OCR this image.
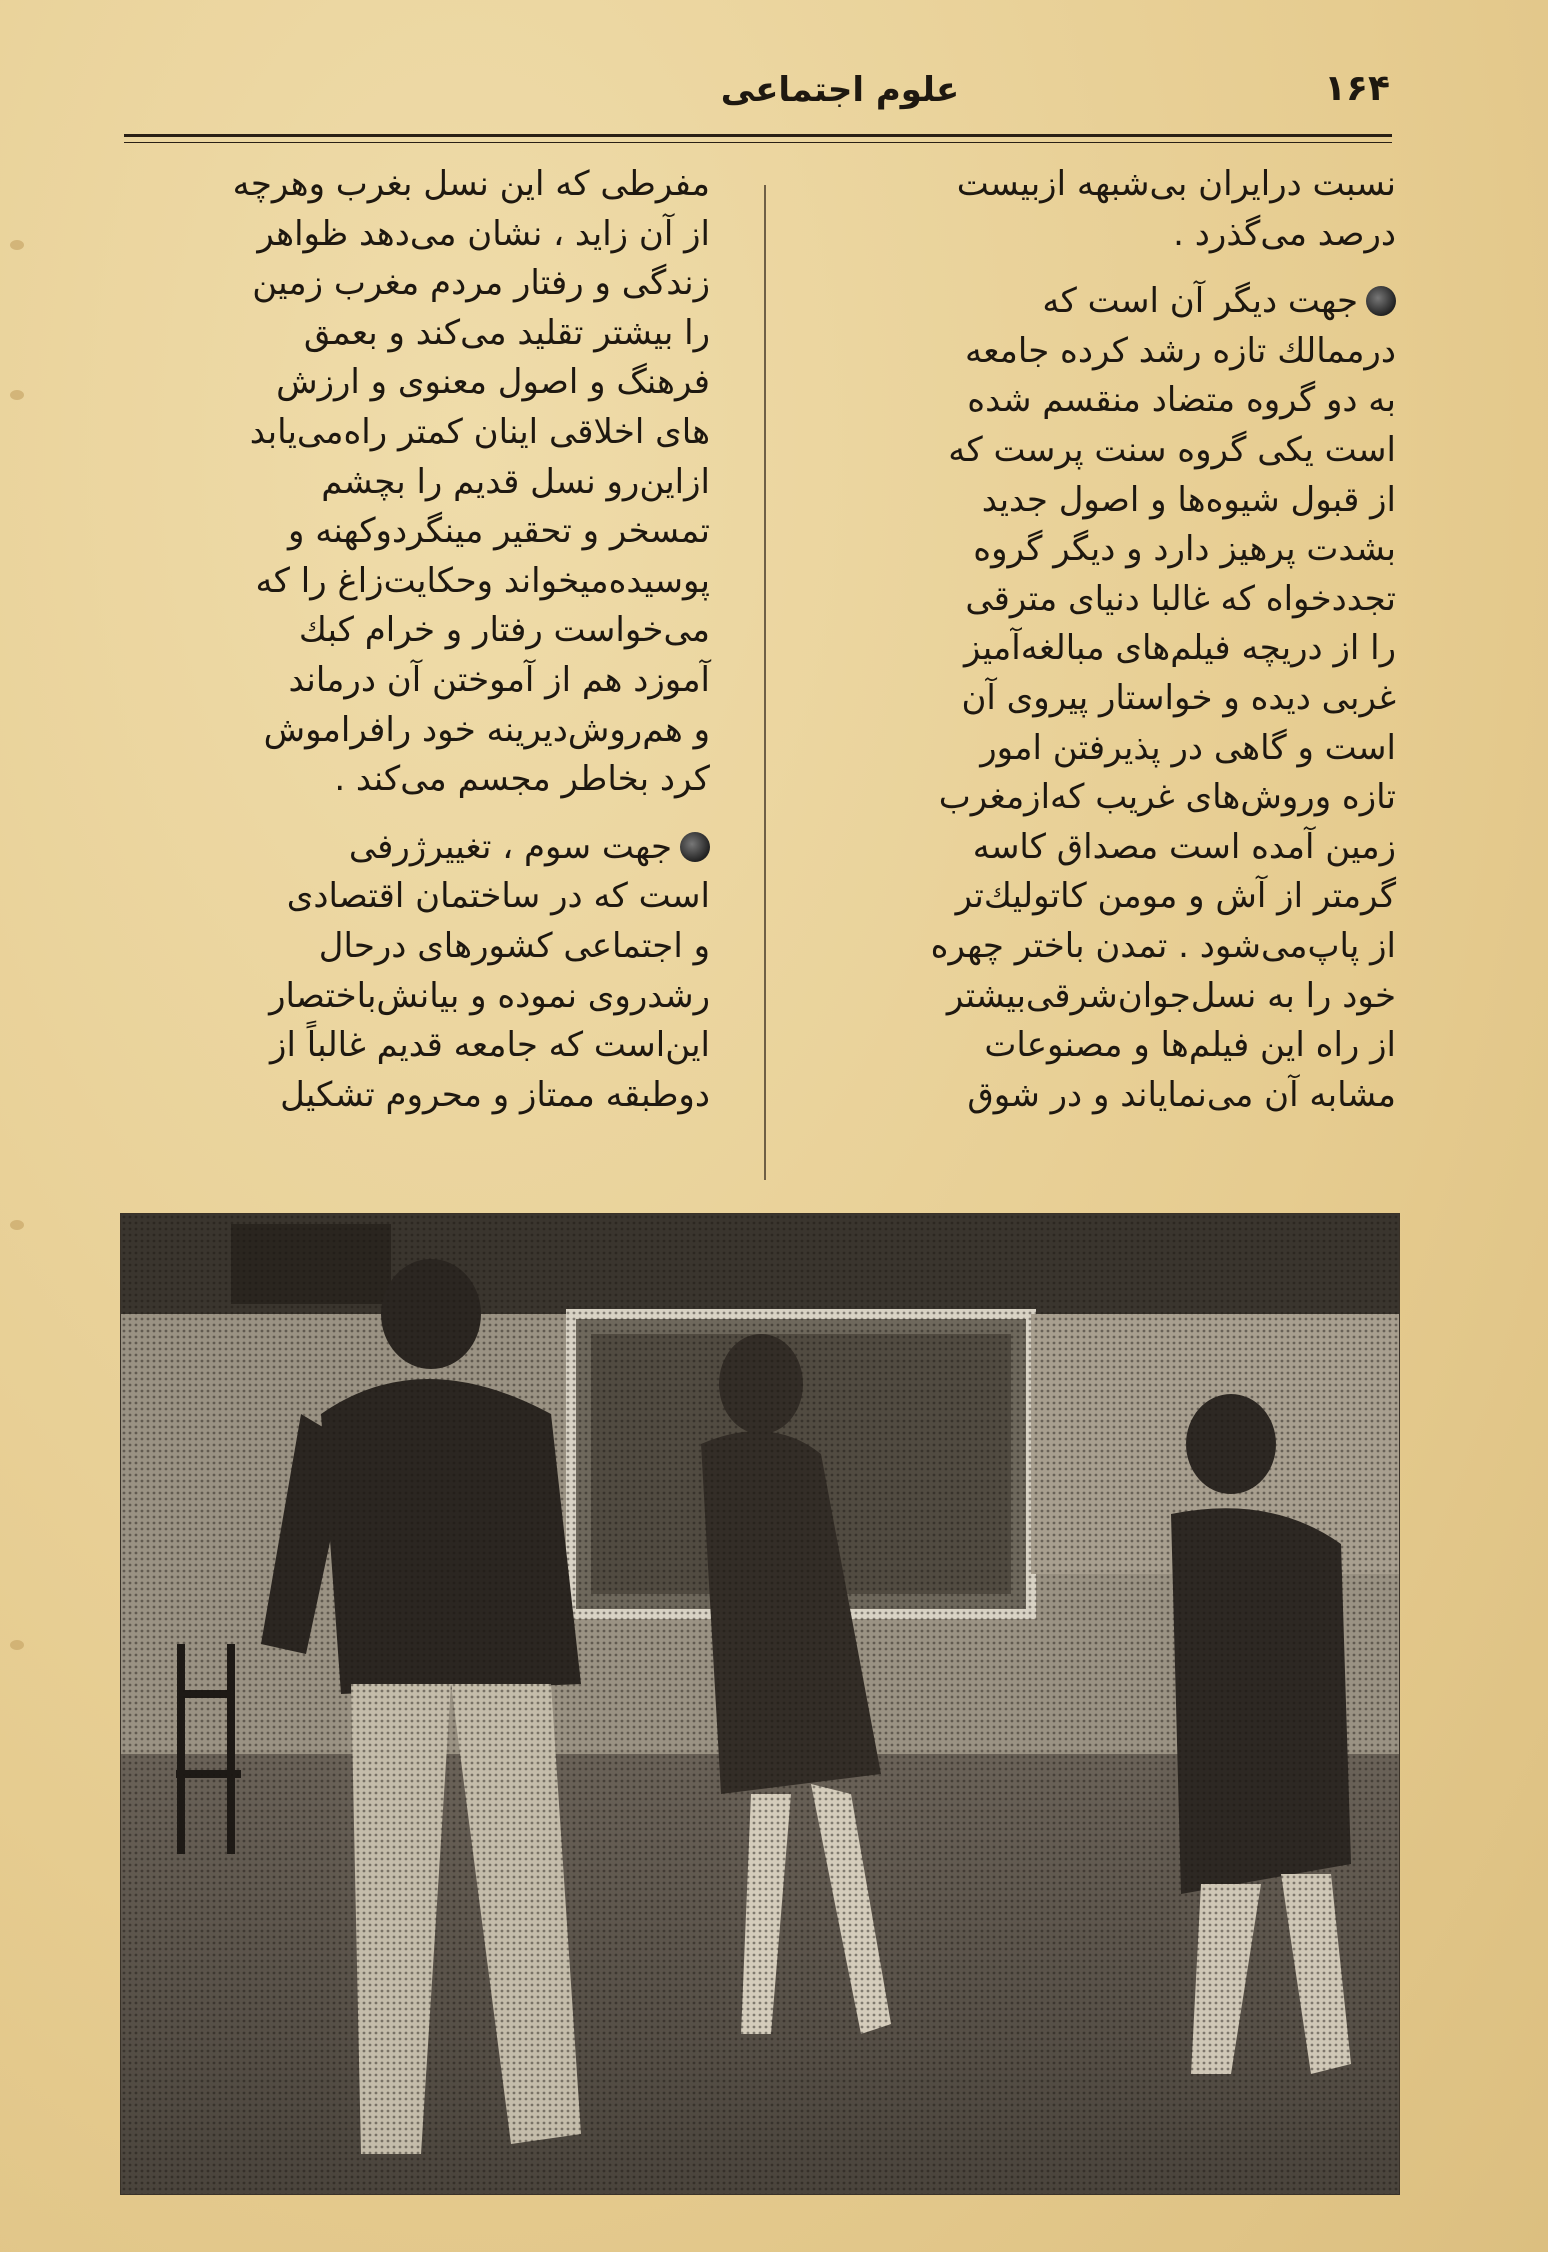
۱۶۴
علوم اجتماعی

نسبت درایران بی‌شبهه ازبیست
درصد می‌گذرد .

جهت دیگر آن است که
درممالك تازه رشد کرده جامعه
به دو گروه متضاد منقسم شده
است یکی گروه سنت پرست که
از قبول شیوه‌ها و اصول جدید
بشدت پرهیز دارد و دیگر گروه
تجددخواه که غالبا دنیای مترقی
را از دریچه فیلم‌های مبالغه‌آمیز
غربی دیده و خواستار پیروی آن
است و گاهی در پذیرفتن امور
تازه وروش‌های غریب که‌ازمغرب
زمین آمده است مصداق کاسه
گرمتر از آش و مومن کاتولیك‌تر
از پاپ‌می‌شود . تمدن باختر چهره
خود را به نسل‌جوان‌شرقی‌بیشتر
از راه این فیلم‌ها و مصنوعات
مشابه آن می‌نمایاند و در شوق

مفرطی که این نسل بغرب وهرچه
از آن زاید ، نشان می‌دهد ظواهر
زندگی و رفتار مردم مغرب زمین
را بیشتر تقلید می‌کند و بعمق
فرهنگ و اصول معنوی و ارزش
های اخلاقی اینان کمتر راه‌می‌یابد
ازاین‌رو نسل قدیم را بچشم
تمسخر و تحقیر مینگردوکهنه و
پوسیده‌میخواند وحکایت‌زاغ را که
می‌خواست رفتار و خرام کبك
آموزد هم از آموختن آن درماند
و هم‌روش‌دیرینه خود رافراموش
کرد بخاطر مجسم می‌کند .

جهت سوم ، تغییرژرفی
است که در ساختمان اقتصادی
و اجتماعی کشورهای درحال
رشدروی نموده و بیانش‌باختصار
این‌است که جامعه قدیم غالباً از
دوطبقه ممتاز و محروم تشکیل
